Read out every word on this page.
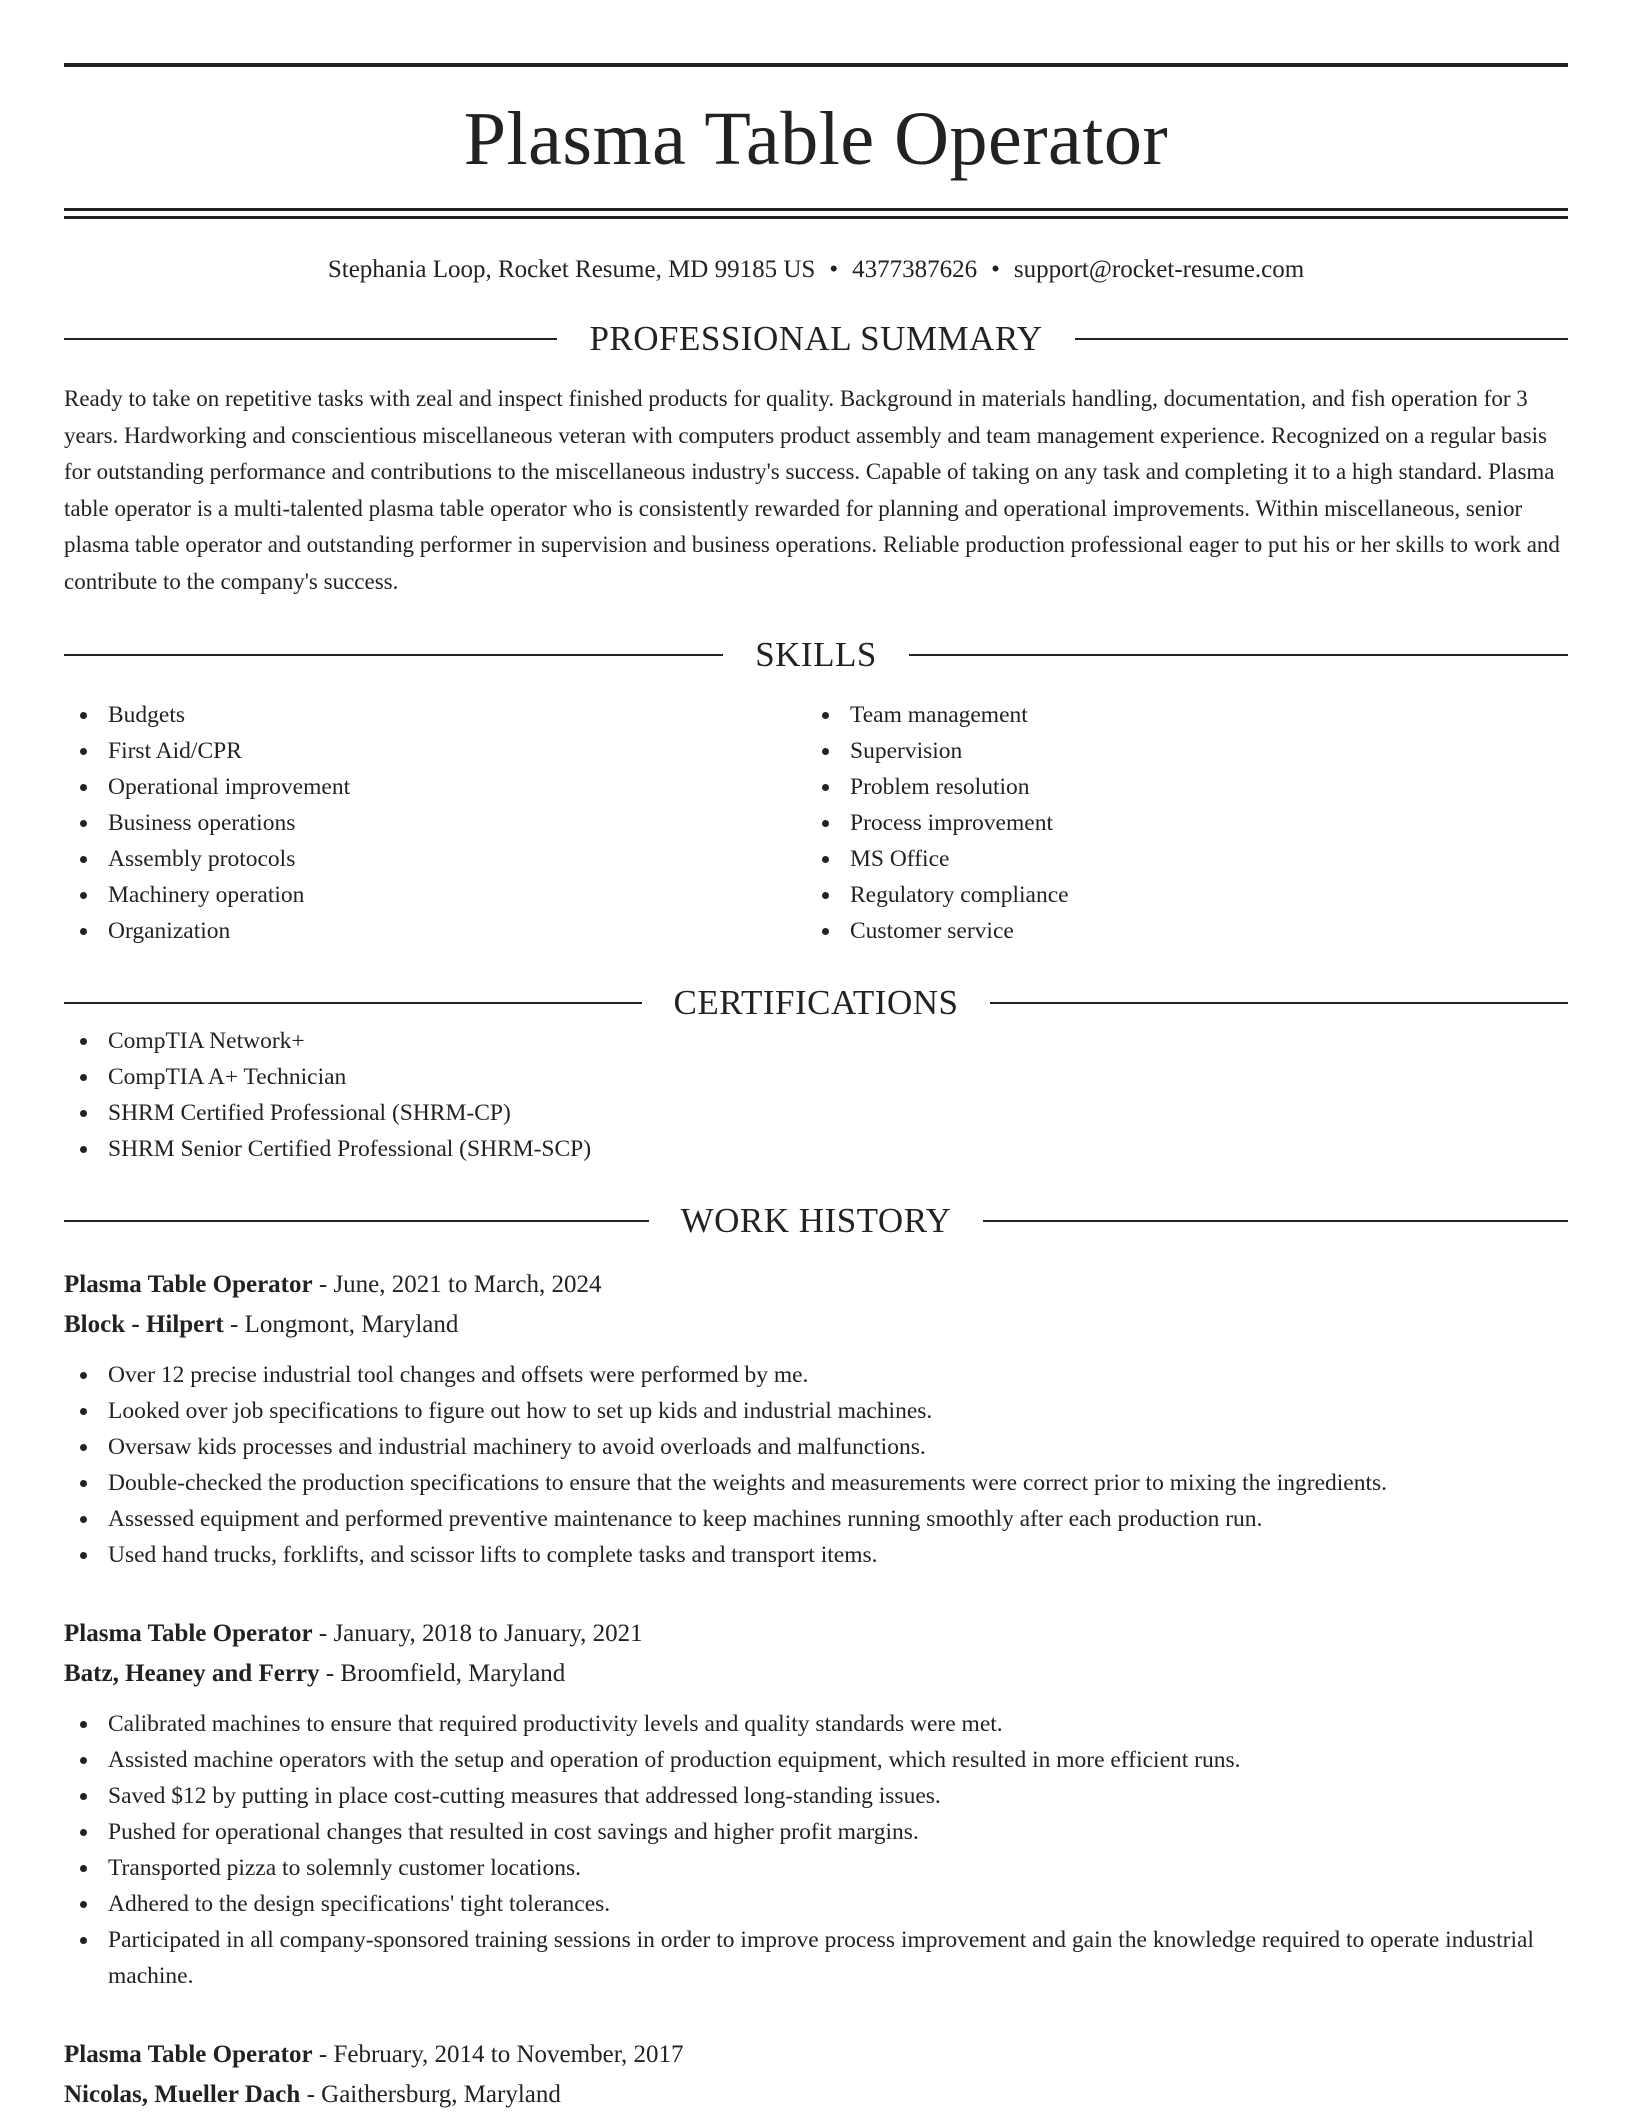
Plasma Table Operator
Stephania Loop, Rocket Resume, MD 99185 US • 4377387626 • support@rocket-resume.com
PROFESSIONAL SUMMARY
Ready to take on repetitive tasks with zeal and inspect finished products for quality. Background in materials handling, documentation, and fish operation for 3 years. Hardworking and conscientious miscellaneous veteran with computers product assembly and team management experience. Recognized on a regular basis for outstanding performance and contributions to the miscellaneous industry's success. Capable of taking on any task and completing it to a high standard. Plasma table operator is a multi-talented plasma table operator who is consistently rewarded for planning and operational improvements. Within miscellaneous, senior plasma table operator and outstanding performer in supervision and business operations. Reliable production professional eager to put his or her skills to work and contribute to the company's success.
SKILLS
Budgets
First Aid/CPR
Operational improvement
Business operations
Assembly protocols
Machinery operation
Organization
Team management
Supervision
Problem resolution
Process improvement
MS Office
Regulatory compliance
Customer service
CERTIFICATIONS
CompTIA Network+
CompTIA A+ Technician
SHRM Certified Professional (SHRM-CP)
SHRM Senior Certified Professional (SHRM-SCP)
WORK HISTORY
Plasma Table Operator - June, 2021 to March, 2024
Block - Hilpert - Longmont, Maryland
Over 12 precise industrial tool changes and offsets were performed by me.
Looked over job specifications to figure out how to set up kids and industrial machines.
Oversaw kids processes and industrial machinery to avoid overloads and malfunctions.
Double-checked the production specifications to ensure that the weights and measurements were correct prior to mixing the ingredients.
Assessed equipment and performed preventive maintenance to keep machines running smoothly after each production run.
Used hand trucks, forklifts, and scissor lifts to complete tasks and transport items.
Plasma Table Operator - January, 2018 to January, 2021
Batz, Heaney and Ferry - Broomfield, Maryland
Calibrated machines to ensure that required productivity levels and quality standards were met.
Assisted machine operators with the setup and operation of production equipment, which resulted in more efficient runs.
Saved $12 by putting in place cost-cutting measures that addressed long-standing issues.
Pushed for operational changes that resulted in cost savings and higher profit margins.
Transported pizza to solemnly customer locations.
Adhered to the design specifications' tight tolerances.
Participated in all company-sponsored training sessions in order to improve process improvement and gain the knowledge required to operate industrial machine.
Plasma Table Operator - February, 2014 to November, 2017
Nicolas, Mueller Dach - Gaithersburg, Maryland
